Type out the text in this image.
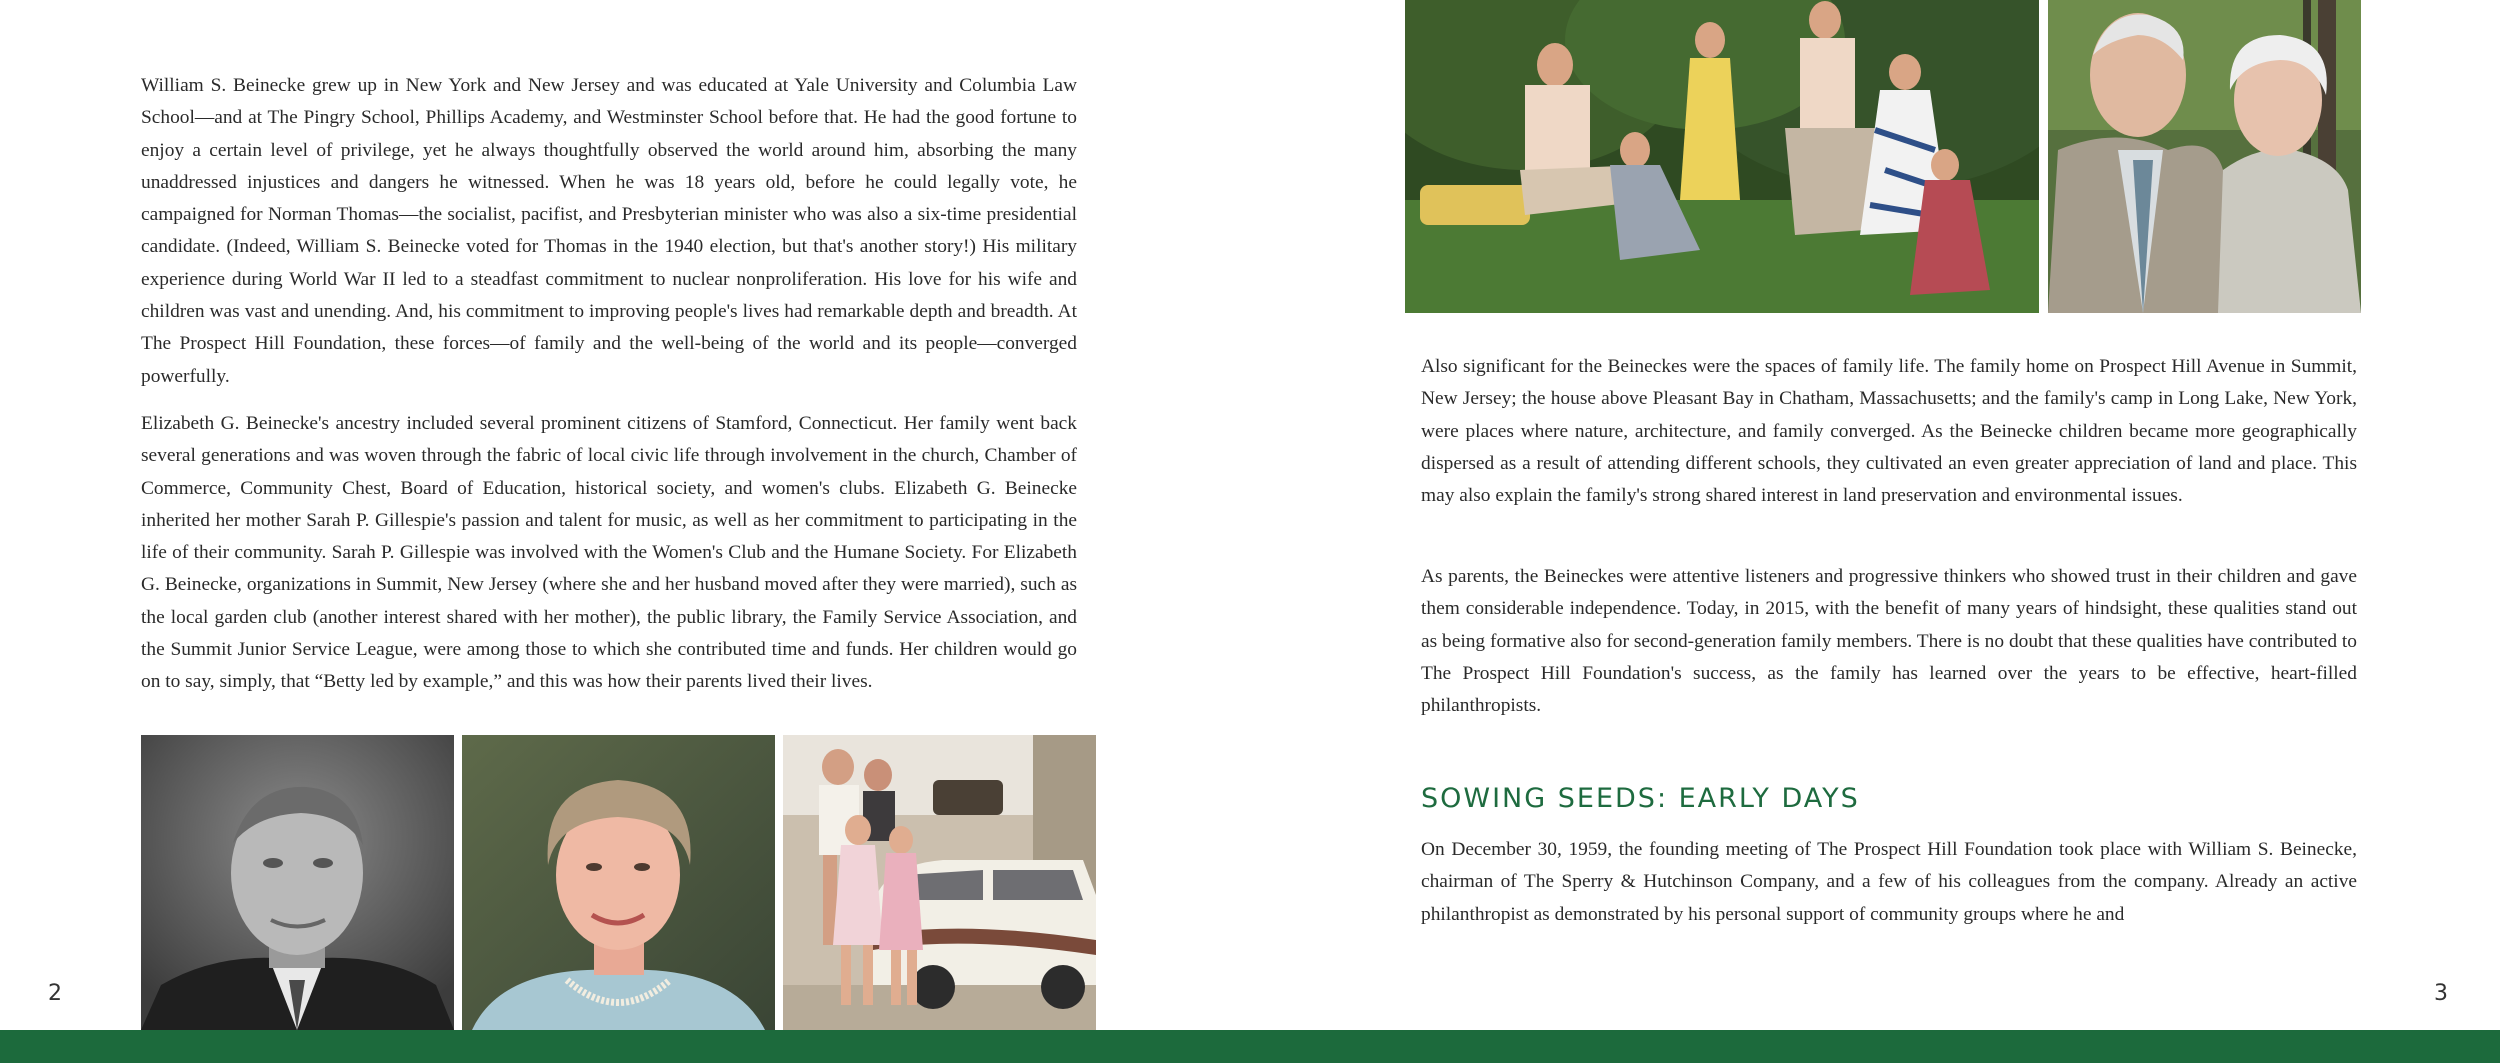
William S. Beinecke grew up in New York and New Jersey and was educated at Yale University and Columbia Law School—and at The Pingry School, Phillips Academy, and Westminster School before that. He had the good fortune to enjoy a certain level of privilege, yet he always thoughtfully observed the world around him, absorbing the many unaddressed injustices and dangers he witnessed. When he was 18 years old, before he could legally vote, he campaigned for Norman Thomas—the socialist, pacifist, and Presbyterian minister who was also a six-time presidential candidate. (Indeed, William S. Beinecke voted for Thomas in the 1940 election, but that's another story!) His military experience during World War II led to a steadfast commitment to nuclear nonproliferation. His love for his wife and children was vast and unending. And, his commitment to improving people's lives had remarkable depth and breadth. At The Prospect Hill Foundation, these forces—of family and the well-being of the world and its people—converged powerfully.

Elizabeth G. Beinecke's ancestry included several prominent citizens of Stamford, Connecticut. Her family went back several generations and was woven through the fabric of local civic life through involvement in the church, Chamber of Commerce, Community Chest, Board of Education, historical society, and women's clubs. Elizabeth G. Beinecke inherited her mother Sarah P. Gillespie's passion and talent for music, as well as her commitment to participating in the life of their community. Sarah P. Gillespie was involved with the Women's Club and the Humane Society. For Elizabeth G. Beinecke, organizations in Summit, New Jersey (where she and her husband moved after they were married), such as the local garden club (another interest shared with her mother), the public library, the Family Service Association, and the Summit Junior Service League, were among those to which she contributed time and funds. Her children would go on to say, simply, that “Betty led by example,” and this was how their parents lived their lives.

2

Also significant for the Beineckes were the spaces of family life. The family home on Prospect Hill Avenue in Summit, New Jersey; the house above Pleasant Bay in Chatham, Massachusetts; and the family's camp in Long Lake, New York, were places where nature, architecture, and family converged. As the Beinecke children became more geographically dispersed as a result of attending different schools, they cultivated an even greater appreciation of land and place. This may also explain the family's strong shared interest in land preservation and environmental issues.

As parents, the Beineckes were attentive listeners and progressive thinkers who showed trust in their children and gave them considerable independence. Today, in 2015, with the benefit of many years of hindsight, these qualities stand out as being formative also for second-generation family members. There is no doubt that these qualities have contributed to The Prospect Hill Foundation's success, as the family has learned over the years to be effective, heart-filled philanthropists.

SOWING SEEDS: EARLY DAYS

On December 30, 1959, the founding meeting of The Prospect Hill Foundation took place with William S. Beinecke, chairman of The Sperry & Hutchinson Company, and a few of his colleagues from the company. Already an active philanthropist as demonstrated by his personal support of community groups where he and

3
